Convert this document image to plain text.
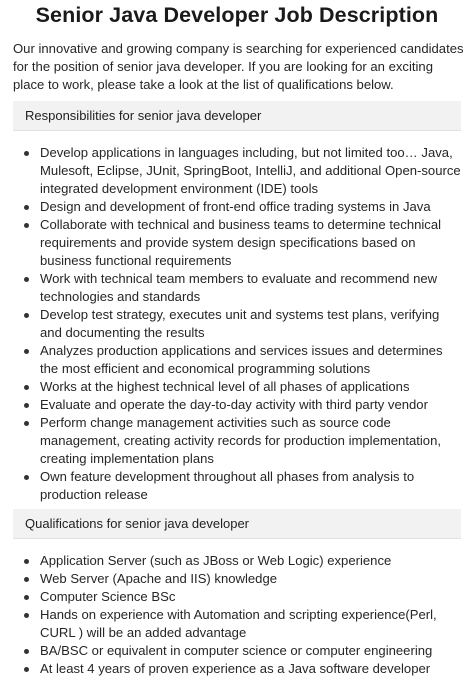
Senior Java Developer Job Description

Our innovative and growing company is searching for experienced candidates for the position of senior java developer. If you are looking for an exciting place to work, please take a look at the list of qualifications below.

Responsibilities for senior java developer
Develop applications in languages including, but not limited too… Java, Mulesoft, Eclipse, JUnit, SpringBoot, IntelliJ, and additional Open-source integrated development environment (IDE) tools
Design and development of front-end office trading systems in Java
Collaborate with technical and business teams to determine technical requirements and provide system design specifications based on business functional requirements
Work with technical team members to evaluate and recommend new technologies and standards
Develop test strategy, executes unit and systems test plans, verifying and documenting the results
Analyzes production applications and services issues and determines the most efficient and economical programming solutions
Works at the highest technical level of all phases of applications
Evaluate and operate the day-to-day activity with third party vendor
Perform change management activities such as source code management, creating activity records for production implementation, creating implementation plans
Own feature development throughout all phases from analysis to production release
Qualifications for senior java developer
Application Server (such as JBoss or Web Logic) experience
Web Server (Apache and IIS) knowledge
Computer Science BSc
Hands on experience with Automation and scripting experience(Perl, CURL ) will be an added advantage
BA/BSC or equivalent in computer science or computer engineering
At least 4 years of proven experience as a Java software developer
